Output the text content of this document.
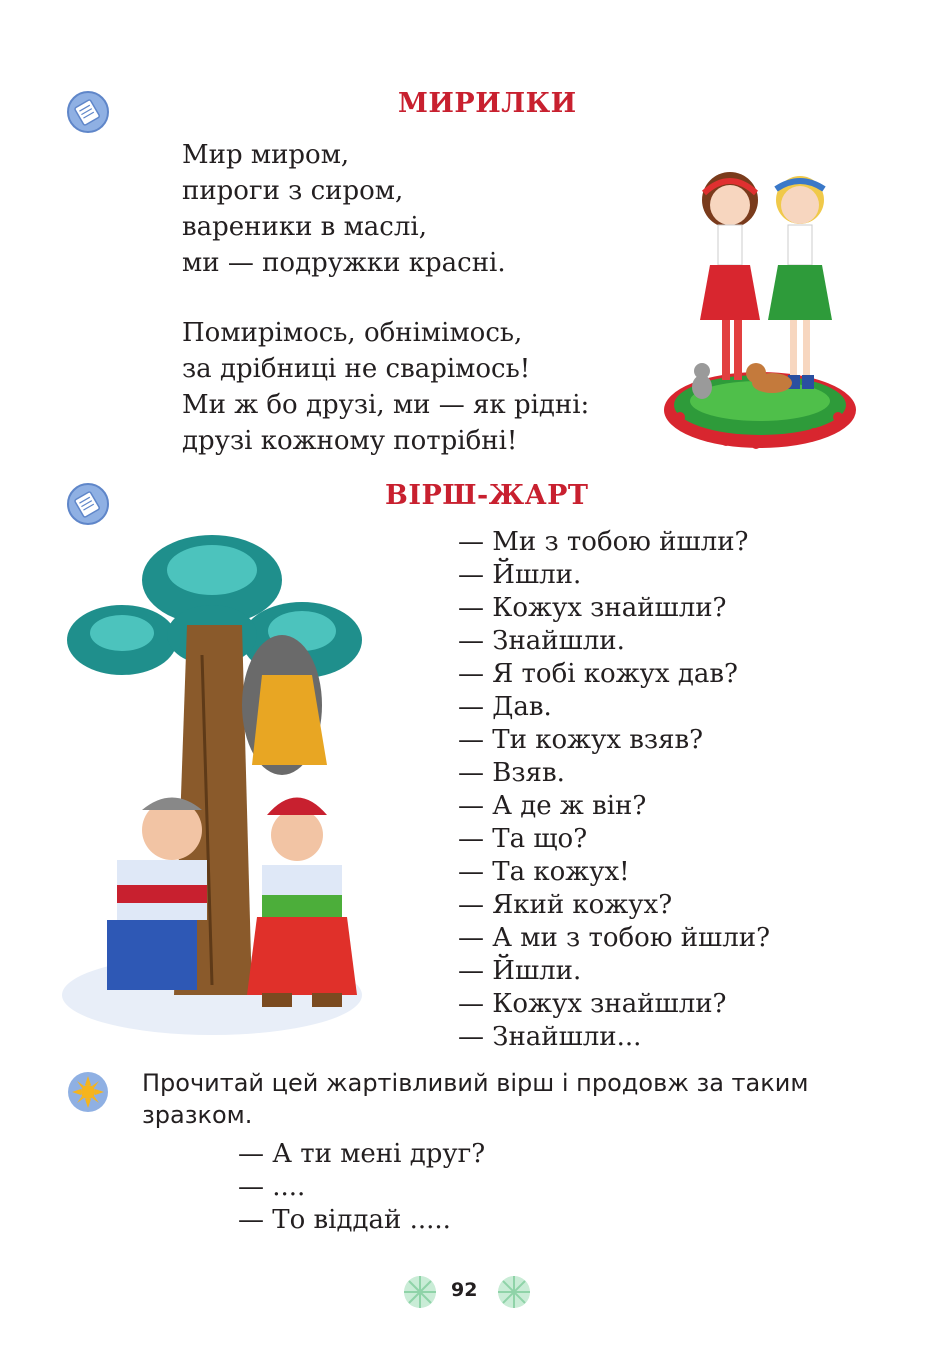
МИРИЛКИ
Мир миром,
пироги з сиром,
вареники в маслі,
ми — подружки красні.
Помирімось, обнімімось,
за дрібниці не сварімось!
Ми ж бо друзі, ми — як рідні:
друзі кожному потрібні!
ВІРШ-ЖАРТ
— Ми з тобою йшли?
— Йшли.
— Кожух знайшли?
— Знайшли.
— Я тобі кожух дав?
— Дав.
— Ти кожух взяв?
— Взяв.
— А де ж він?
— Та що?
— Та кожух!
— Який кожух?
— А ми з тобою йшли?
— Йшли.
— Кожух знайшли?
— Знайшли...
Прочитай цей жартівливий вірш і продовж за таким зразком.
— А ти мені друг?
— ....
— То віддай .....
92
